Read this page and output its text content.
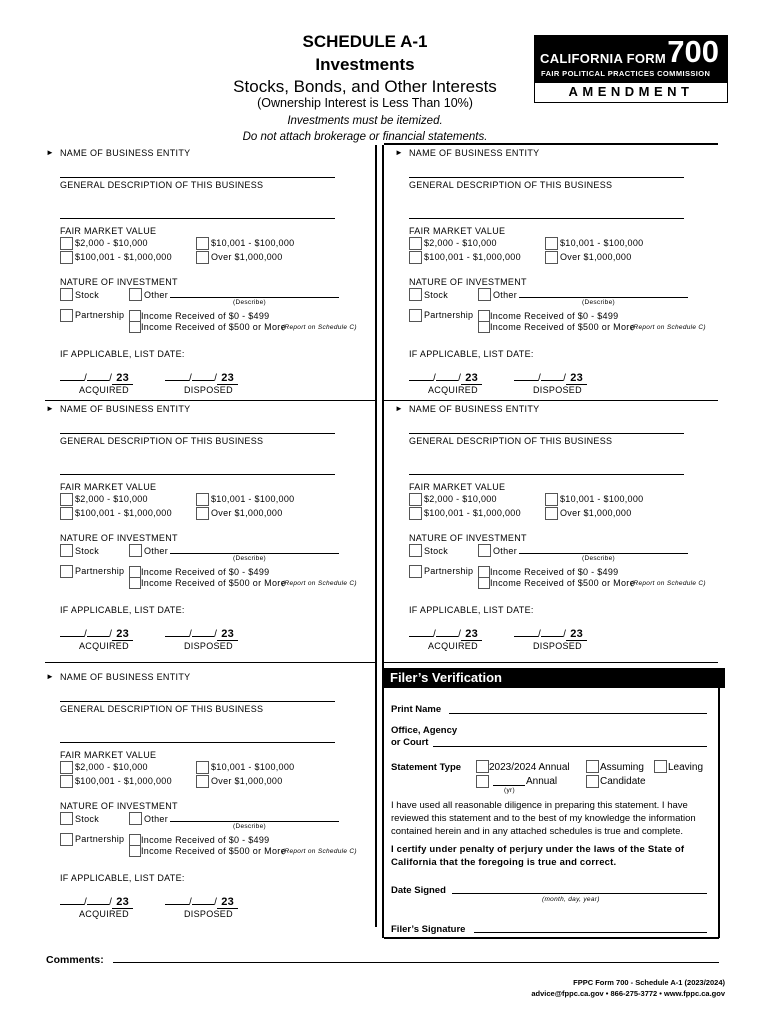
SCHEDULE A-1
Investments
Stocks, Bonds, and Other Interests
(Ownership Interest is Less Than 10%)
Investments must be itemized.
Do not attach brokerage or financial statements.
CALIFORNIA FORM 700
FAIR POLITICAL PRACTICES COMMISSION
AMENDMENT
► NAME OF BUSINESS ENTITY
GENERAL DESCRIPTION OF THIS BUSINESS
FAIR MARKET VALUE
$2,000 - $10,000	$10,001 - $100,000
$100,001 - $1,000,000	Over $1,000,000
NATURE OF INVESTMENT
Stock	Other
(Describe)
Partnership Income Received of $0 - $499
Income Received of $500 or More
(Report on Schedule C)
IF APPLICABLE, LIST DATE:
/ / 23	/ / 23
ACQUIRED	DISPOSED
► NAME OF BUSINESS ENTITY
GENERAL DESCRIPTION OF THIS BUSINESS
FAIR MARKET VALUE
$2,000 - $10,000	$10,001 - $100,000
$100,001 - $1,000,000	Over $1,000,000
NATURE OF INVESTMENT
Stock	Other
(Describe)
Partnership Income Received of $0 - $499
Income Received of $500 or More
(Report on Schedule C)
IF APPLICABLE, LIST DATE:
/ / 23	/ / 23
ACQUIRED	DISPOSED
► NAME OF BUSINESS ENTITY
GENERAL DESCRIPTION OF THIS BUSINESS
FAIR MARKET VALUE
$2,000 - $10,000	$10,001 - $100,000
$100,001 - $1,000,000	Over $1,000,000
NATURE OF INVESTMENT
Stock	Other
(Describe)
Partnership Income Received of $0 - $499
Income Received of $500 or More
(Report on Schedule C)
IF APPLICABLE, LIST DATE:
/ / 23	/ / 23
ACQUIRED	DISPOSED
► NAME OF BUSINESS ENTITY
GENERAL DESCRIPTION OF THIS BUSINESS
FAIR MARKET VALUE
$2,000 - $10,000	$10,001 - $100,000
$100,001 - $1,000,000	Over $1,000,000
NATURE OF INVESTMENT
Stock	Other
(Describe)
Partnership Income Received of $0 - $499
Income Received of $500 or More
(Report on Schedule C)
IF APPLICABLE, LIST DATE:
/ / 23	/ / 23
ACQUIRED	DISPOSED
► NAME OF BUSINESS ENTITY
GENERAL DESCRIPTION OF THIS BUSINESS
FAIR MARKET VALUE
$2,000 - $10,000	$10,001 - $100,000
$100,001 - $1,000,000	Over $1,000,000
NATURE OF INVESTMENT
Stock	Other
(Describe)
Partnership Income Received of $0 - $499
Income Received of $500 or More
(Report on Schedule C)
IF APPLICABLE, LIST DATE:
/ / 23	/ / 23
ACQUIRED	DISPOSED
Filer’s Verification
Print Name
Office, Agency
or Court
Statement Type	2023/2024 Annual	Assuming Leaving
Annual
(yr)
Candidate
I have used all reasonable diligence in preparing this statement. I have
reviewed this statement and to the best of my knowledge the information
contained herein and in any attached schedules is true and complete.
I certify under penalty of perjury under the laws of the State of
California that the foregoing is true and correct.
Date Signed
(month, day, year)
Filer’s Signature
Comments:
FPPC Form 700 - Schedule A-1 (2023/2024)
advice@fppc.ca.gov • 866-275-3772 • www.fppc.ca.gov
